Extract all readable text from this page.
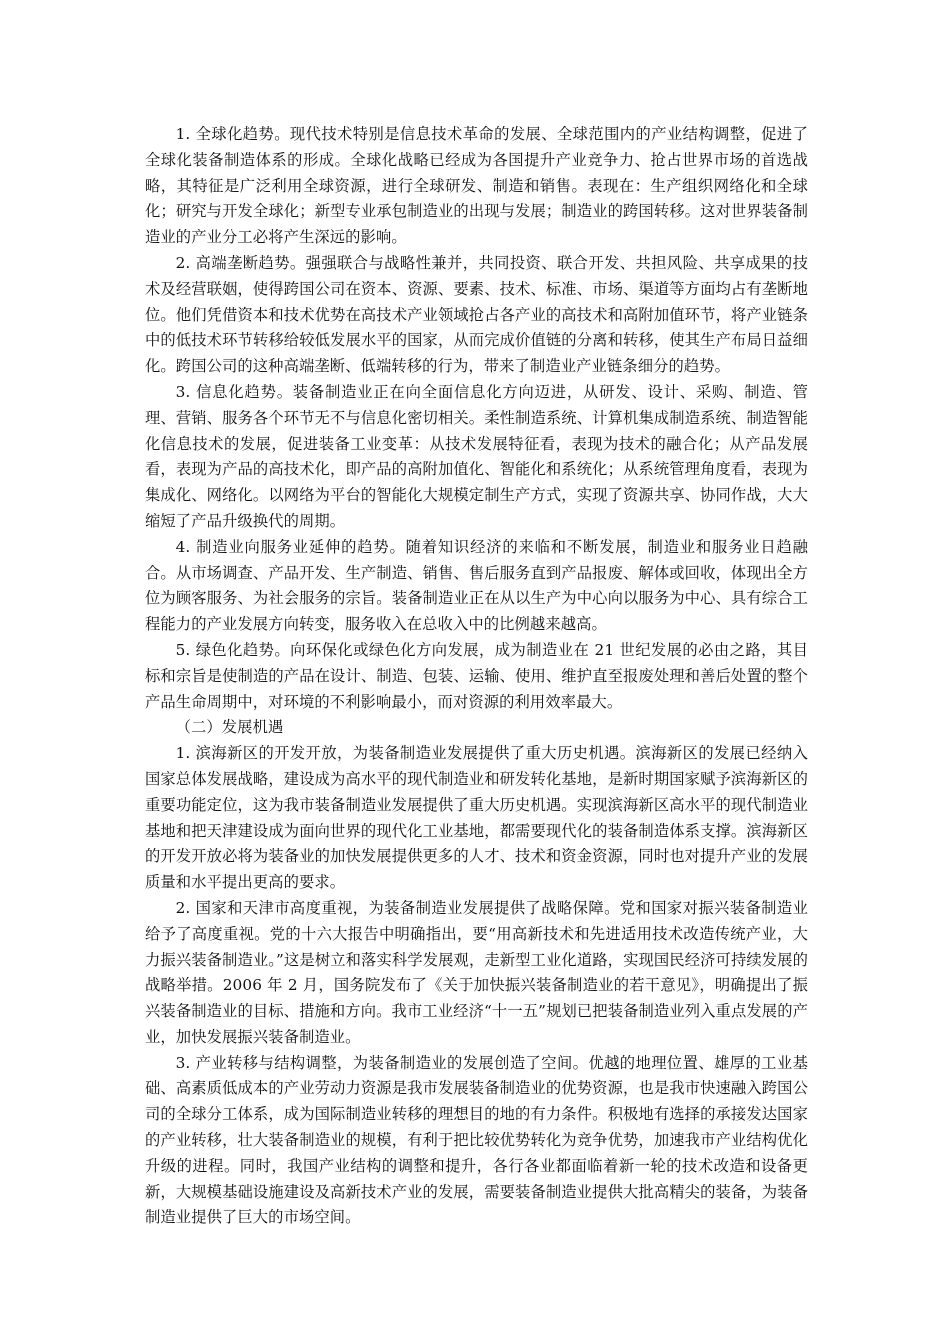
1. 全球化趋势。现代技术特别是信息技术革命的发展、全球范围内的产业结构调整，促进了全球化装备制造体系的形成。全球化战略已经成为各国提升产业竞争力、抢占世界市场的首选战略，其特征是广泛利用全球资源，进行全球研发、制造和销售。表现在：生产组织网络化和全球化；研究与开发全球化；新型专业承包制造业的出现与发展；制造业的跨国转移。这对世界装备制造业的产业分工必将产生深远的影响。

2. 高端垄断趋势。强强联合与战略性兼并，共同投资、联合开发、共担风险、共享成果的技术及经营联姻，使得跨国公司在资本、资源、要素、技术、标准、市场、渠道等方面均占有垄断地位。他们凭借资本和技术优势在高技术产业领域抢占各产业的高技术和高附加值环节，将产业链条中的低技术环节转移给较低发展水平的国家，从而完成价值链的分离和转移，使其生产布局日益细化。跨国公司的这种高端垄断、低端转移的行为，带来了制造业产业链条细分的趋势。

3. 信息化趋势。装备制造业正在向全面信息化方向迈进，从研发、设计、采购、制造、管理、营销、服务各个环节无不与信息化密切相关。柔性制造系统、计算机集成制造系统、制造智能化信息技术的发展，促进装备工业变革：从技术发展特征看，表现为技术的融合化；从产品发展看，表现为产品的高技术化，即产品的高附加值化、智能化和系统化；从系统管理角度看，表现为集成化、网络化。以网络为平台的智能化大规模定制生产方式，实现了资源共享、协同作战，大大缩短了产品升级换代的周期。

4. 制造业向服务业延伸的趋势。随着知识经济的来临和不断发展，制造业和服务业日趋融合。从市场调查、产品开发、生产制造、销售、售后服务直到产品报废、解体或回收，体现出全方位为顾客服务、为社会服务的宗旨。装备制造业正在从以生产为中心向以服务为中心、具有综合工程能力的产业发展方向转变，服务收入在总收入中的比例越来越高。

5. 绿色化趋势。向环保化或绿色化方向发展，成为制造业在 21 世纪发展的必由之路，其目标和宗旨是使制造的产品在设计、制造、包装、运输、使用、维护直至报废处理和善后处置的整个产品生命周期中，对环境的不利影响最小，而对资源的利用效率最大。

（二）发展机遇

1. 滨海新区的开发开放，为装备制造业发展提供了重大历史机遇。滨海新区的发展已经纳入国家总体发展战略，建设成为高水平的现代制造业和研发转化基地，是新时期国家赋予滨海新区的重要功能定位，这为我市装备制造业发展提供了重大历史机遇。实现滨海新区高水平的现代制造业基地和把天津建设成为面向世界的现代化工业基地，都需要现代化的装备制造体系支撑。滨海新区的开发开放必将为装备业的加快发展提供更多的人才、技术和资金资源，同时也对提升产业的发展质量和水平提出更高的要求。

2. 国家和天津市高度重视，为装备制造业发展提供了战略保障。党和国家对振兴装备制造业给予了高度重视。党的十六大报告中明确指出，要“用高新技术和先进适用技术改造传统产业，大力振兴装备制造业。”这是树立和落实科学发展观，走新型工业化道路，实现国民经济可持续发展的战略举措。2006 年 2 月，国务院发布了《关于加快振兴装备制造业的若干意见》，明确提出了振兴装备制造业的目标、措施和方向。我市工业经济“十一五”规划已把装备制造业列入重点发展的产业，加快发展振兴装备制造业。

3. 产业转移与结构调整，为装备制造业的发展创造了空间。优越的地理位置、雄厚的工业基础、高素质低成本的产业劳动力资源是我市发展装备制造业的优势资源，也是我市快速融入跨国公司的全球分工体系，成为国际制造业转移的理想目的地的有力条件。积极地有选择的承接发达国家的产业转移，壮大装备制造业的规模，有利于把比较优势转化为竞争优势，加速我市产业结构优化升级的进程。同时，我国产业结构的调整和提升，各行各业都面临着新一轮的技术改造和设备更新，大规模基础设施建设及高新技术产业的发展，需要装备制造业提供大批高精尖的装备，为装备制造业提供了巨大的市场空间。
